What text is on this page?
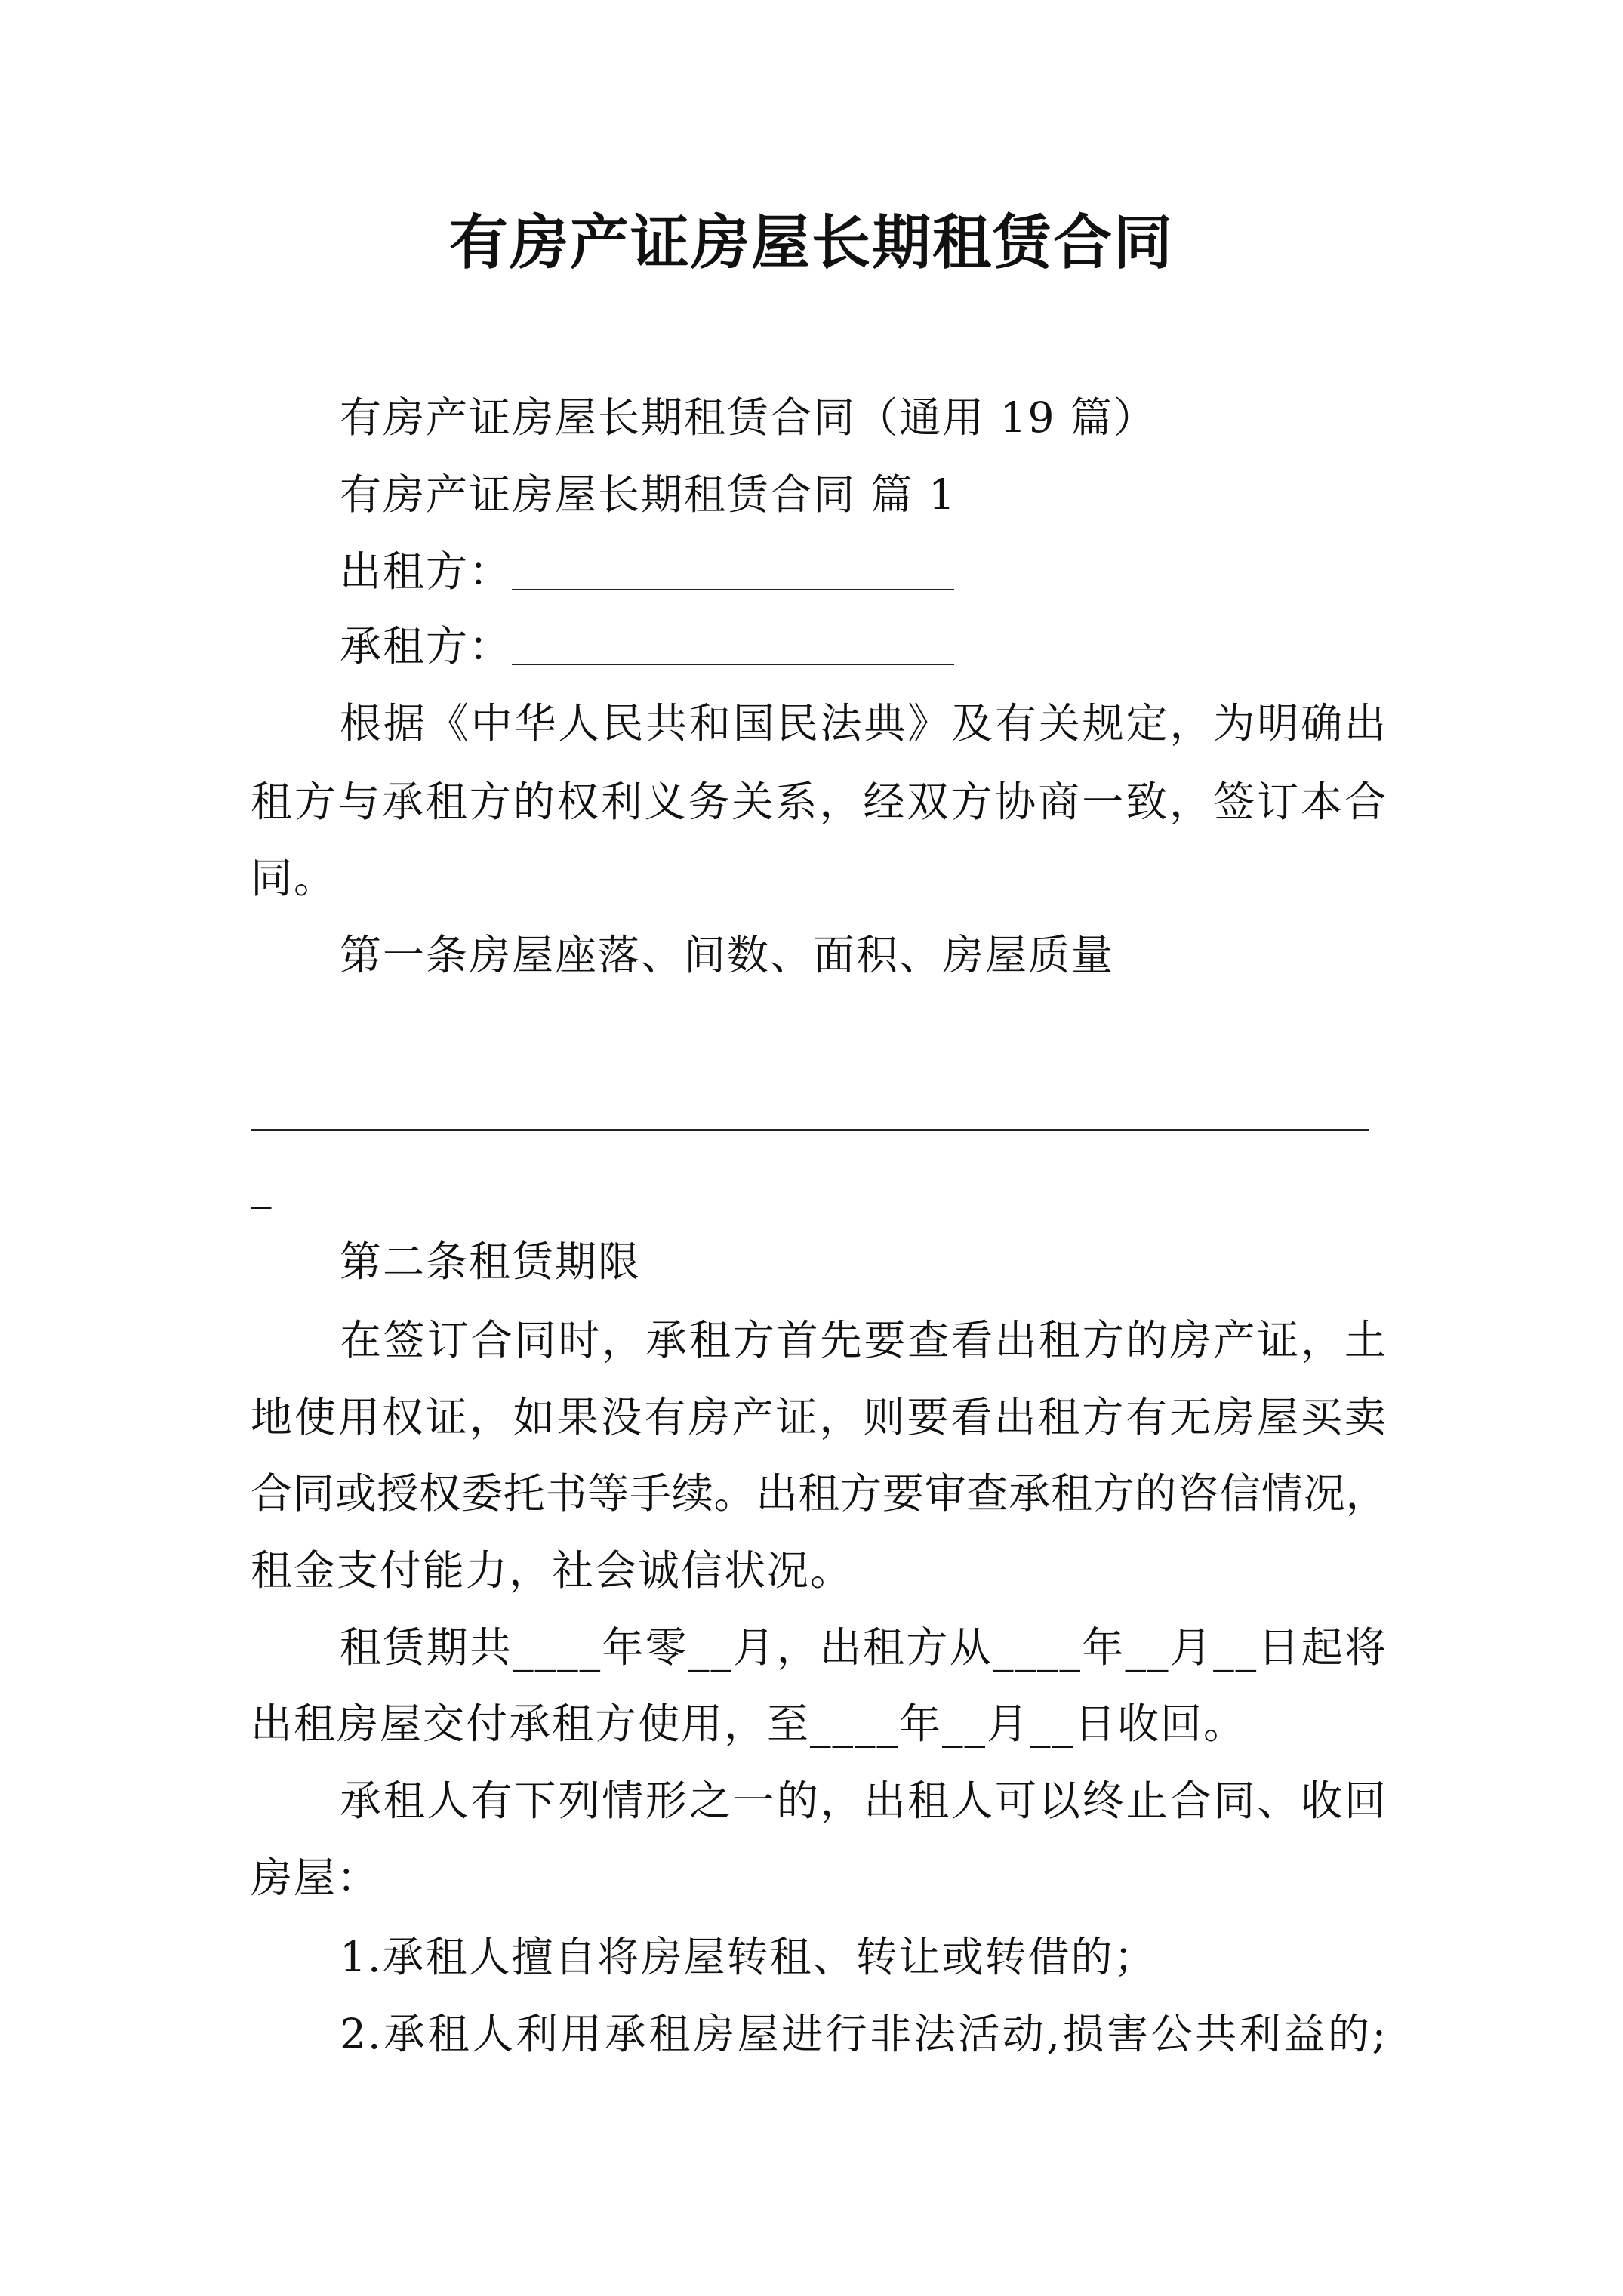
有房产证房屋长期租赁合同
有房产证房屋长期租赁合同（通用 19 篇）
有房产证房屋长期租赁合同 篇 1
出租方：
承租方：
根据《中华人民共和国民法典》及有关规定，为明确出
租方与承租方的权利义务关系，经双方协商一致，签订本合
同。
第一条房屋座落、间数、面积、房屋质量
_
第二条租赁期限
在签订合同时，承租方首先要查看出租方的房产证，土
地使用权证，如果没有房产证，则要看出租方有无房屋买卖
合同或授权委托书等手续。出租方要审查承租方的咨信情况，
租金支付能力，社会诚信状况。
租赁期共____年零__月，出租方从____年__月__日起将
出租房屋交付承租方使用，至____年__月__日收回。
承租人有下列情形之一的，出租人可以终止合同、收回
房屋：
1.承租人擅自将房屋转租、转让或转借的；
2.承租人利用承租房屋进行非法活动,损害公共利益的;
